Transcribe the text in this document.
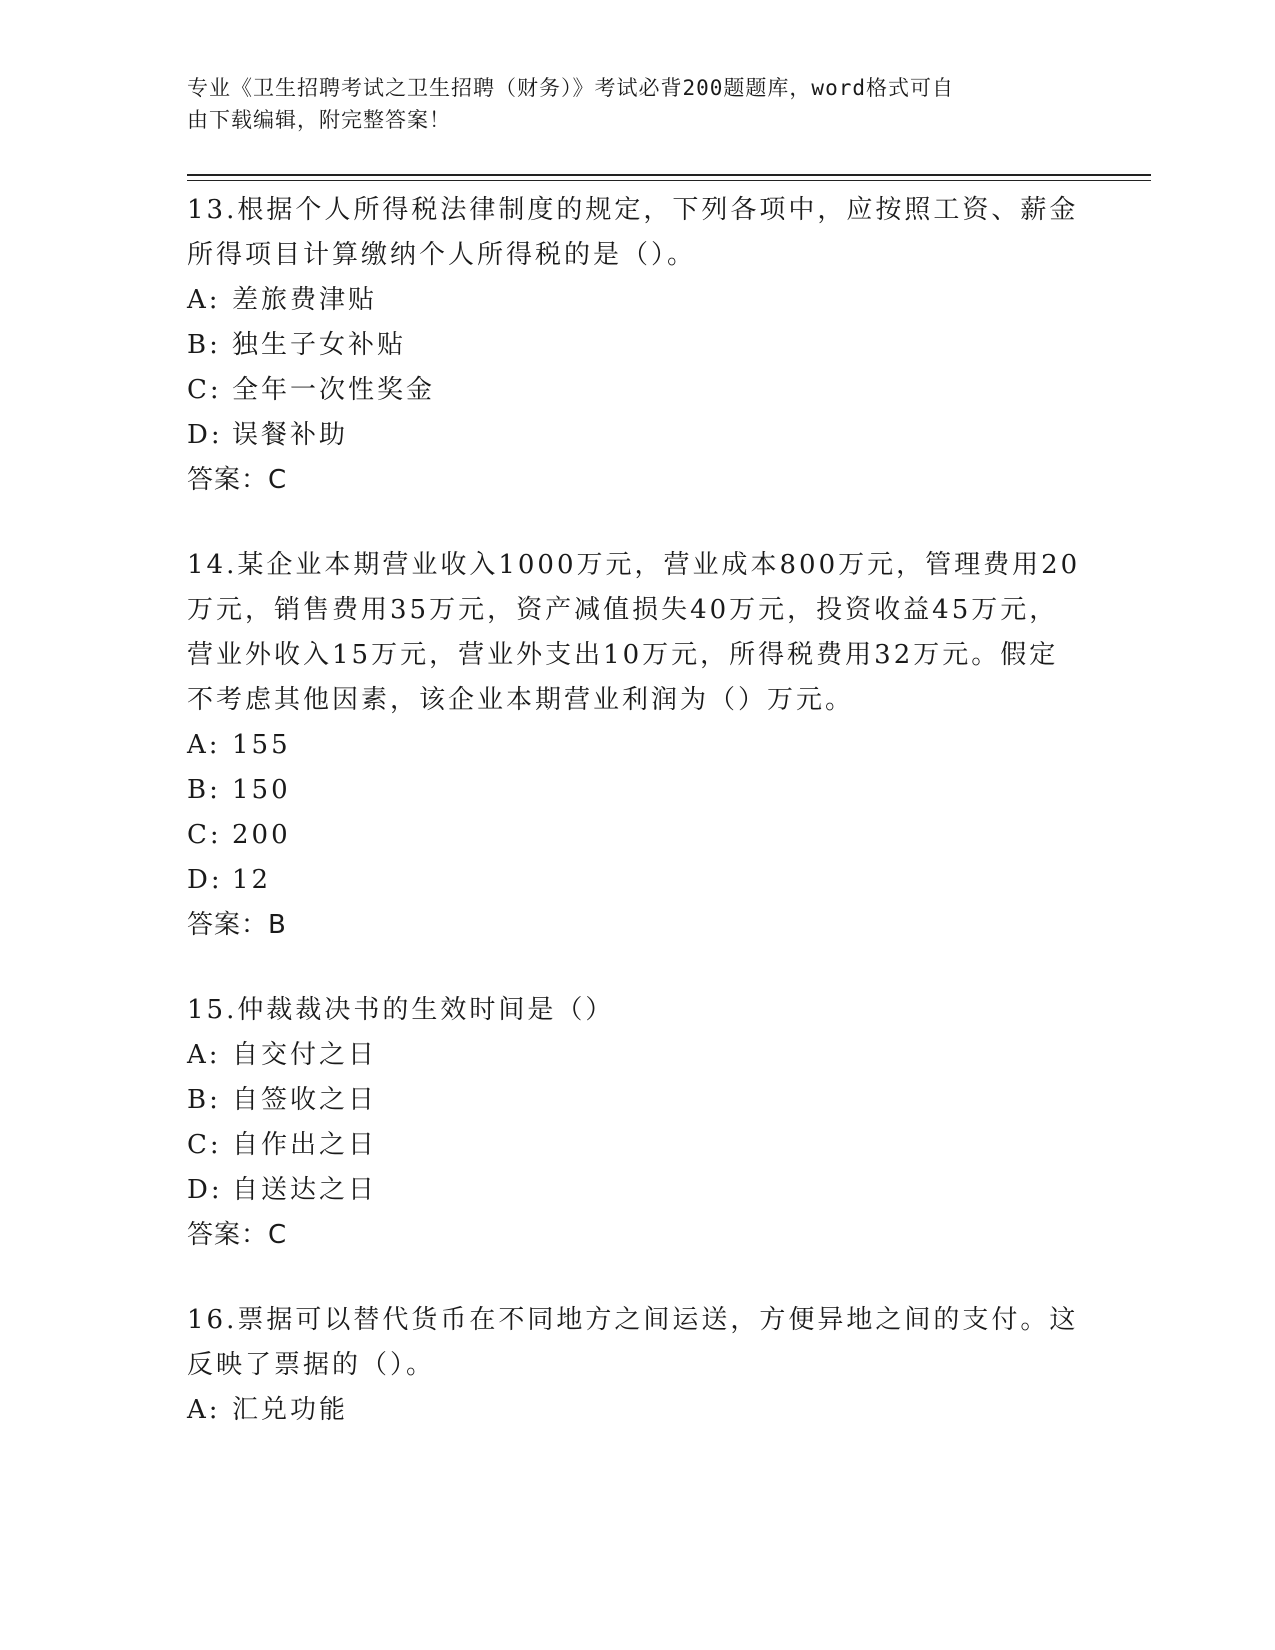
专业《卫生招聘考试之卫生招聘（财务）》考试必背200题题库，word格式可自
由下载编辑，附完整答案！

13.根据个人所得税法律制度的规定，下列各项中，应按照工资、薪金所得项目计算缴纳个人所得税的是（）。

A: 差旅费津贴

B: 独生子女补贴

C: 全年一次性奖金

D: 误餐补助

答案：C

14.某企业本期营业收入1000万元，营业成本800万元，管理费用20万元，销售费用35万元，资产减值损失40万元，投资收益45万元，营业外收入15万元，营业外支出10万元，所得税费用32万元。假定不考虑其他因素，该企业本期营业利润为（）万元。

A: 155

B: 150

C: 200

D: 12

答案：B

15.仲裁裁决书的生效时间是（）

A: 自交付之日

B: 自签收之日

C: 自作出之日

D: 自送达之日

答案：C

16.票据可以替代货币在不同地方之间运送，方便异地之间的支付。这反映了票据的（）。

A: 汇兑功能
